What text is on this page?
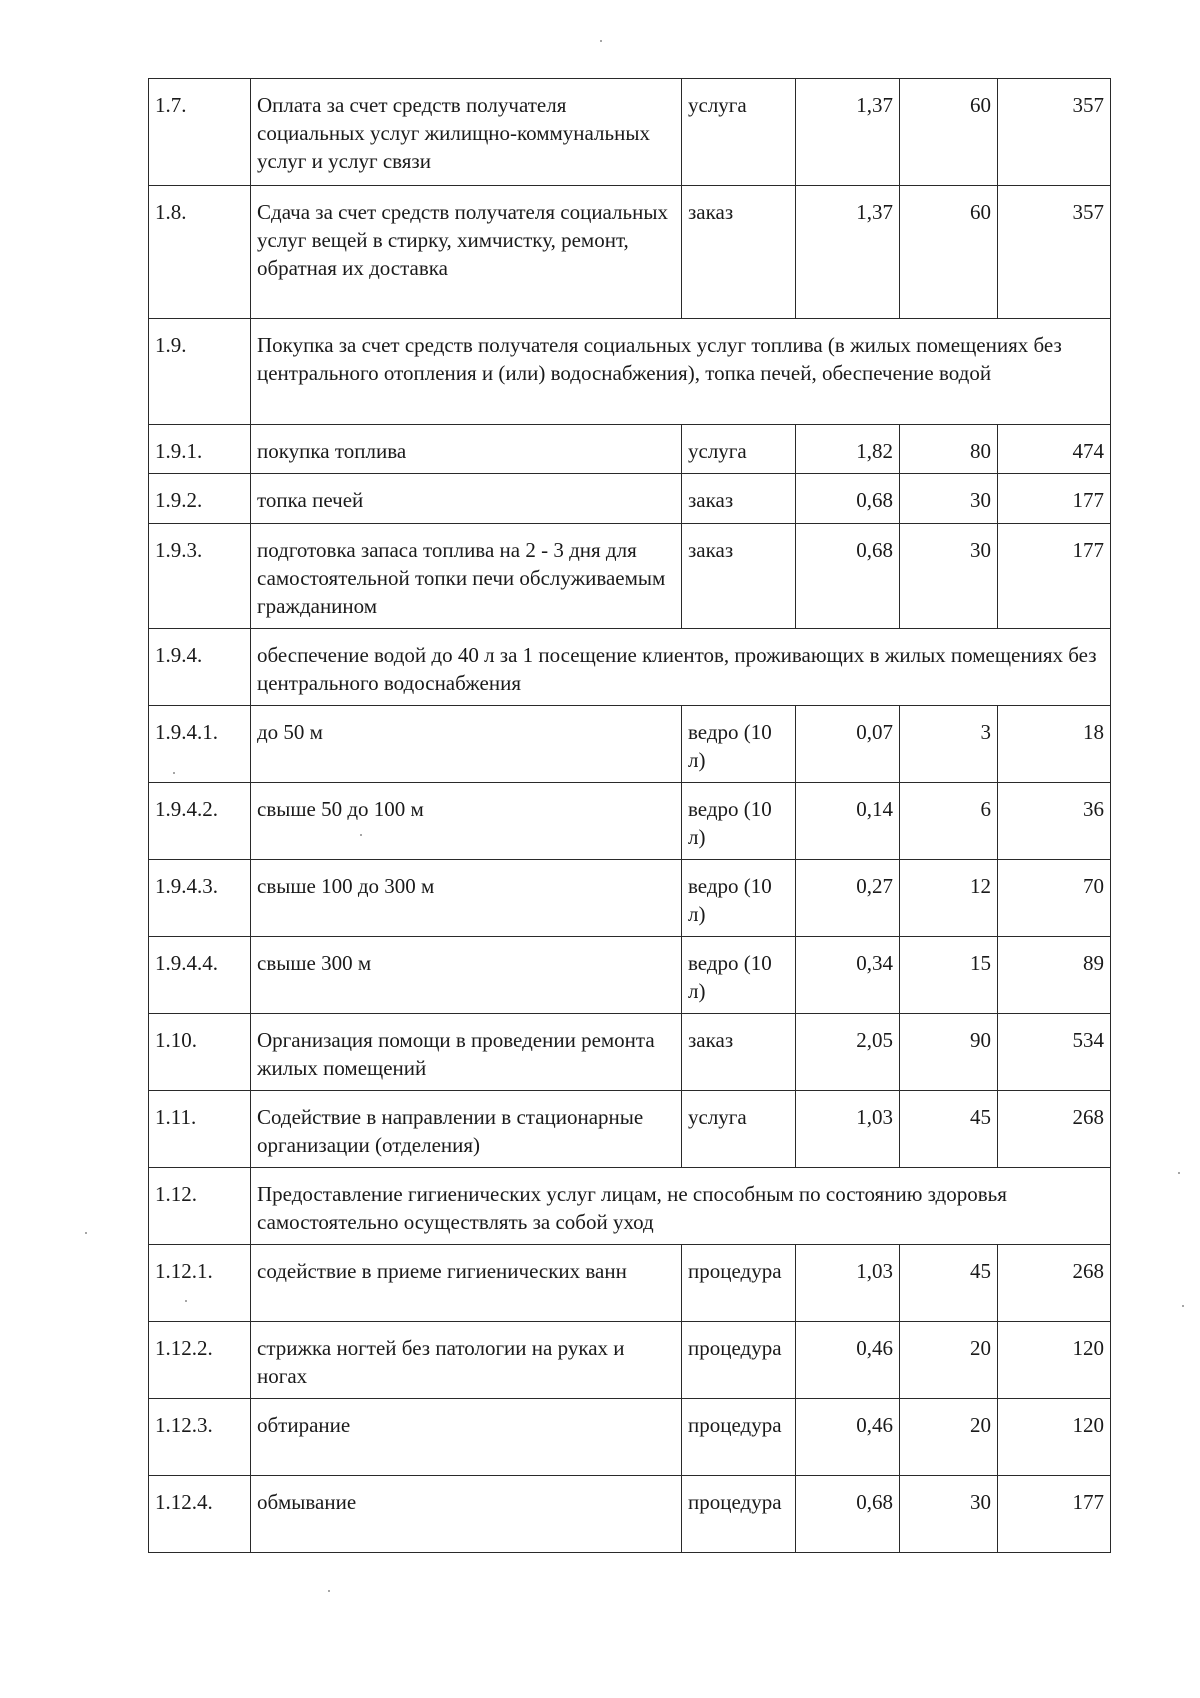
1.7.	Оплата за счет средств получателя социальных услуг жилищно-коммунальных услуг и услуг связи	услуга	1,37	60	357
1.8.	Сдача за счет средств получателя социальных услуг вещей в стирку, химчистку, ремонт, обратная их доставка	заказ	1,37	60	357
1.9.	Покупка за счет средств получателя социальных услуг топлива (в жилых помещениях без центрального отопления и (или) водоснабжения), топка печей, обеспечение водой				
1.9.1.	покупка топлива	услуга	1,82	80	474
1.9.2.	топка печей	заказ	0,68	30	177
1.9.3.	подготовка запаса топлива на 2 - 3 дня для самостоятельной топки печи обслуживаемым гражданином	заказ	0,68	30	177
1.9.4.	обеспечение водой до 40 л за 1 посещение клиентов, проживающих в жилых помещениях без центрального водоснабжения				
1.9.4.1.	до 50 м	ведро (10 л)	0,07	3	18
1.9.4.2.	свыше 50 до 100 м	ведро (10 л)	0,14	6	36
1.9.4.3.	свыше 100 до 300 м	ведро (10 л)	0,27	12	70
1.9.4.4.	свыше 300 м	ведро (10 л)	0,34	15	89
1.10.	Организация помощи в проведении ремонта жилых помещений	заказ	2,05	90	534
1.11.	Содействие в направлении в стационарные организации (отделения)	услуга	1,03	45	268
1.12.	Предоставление гигиенических услуг лицам, не способным по состоянию здоровья самостоятельно осуществлять за собой уход				
1.12.1.	содействие в приеме гигиенических ванн	процедура	1,03	45	268
1.12.2.	стрижка ногтей без патологии на руках и ногах	процедура	0,46	20	120
1.12.3.	обтирание	процедура	0,46	20	120
1.12.4.	обмывание	процедура	0,68	30	177
